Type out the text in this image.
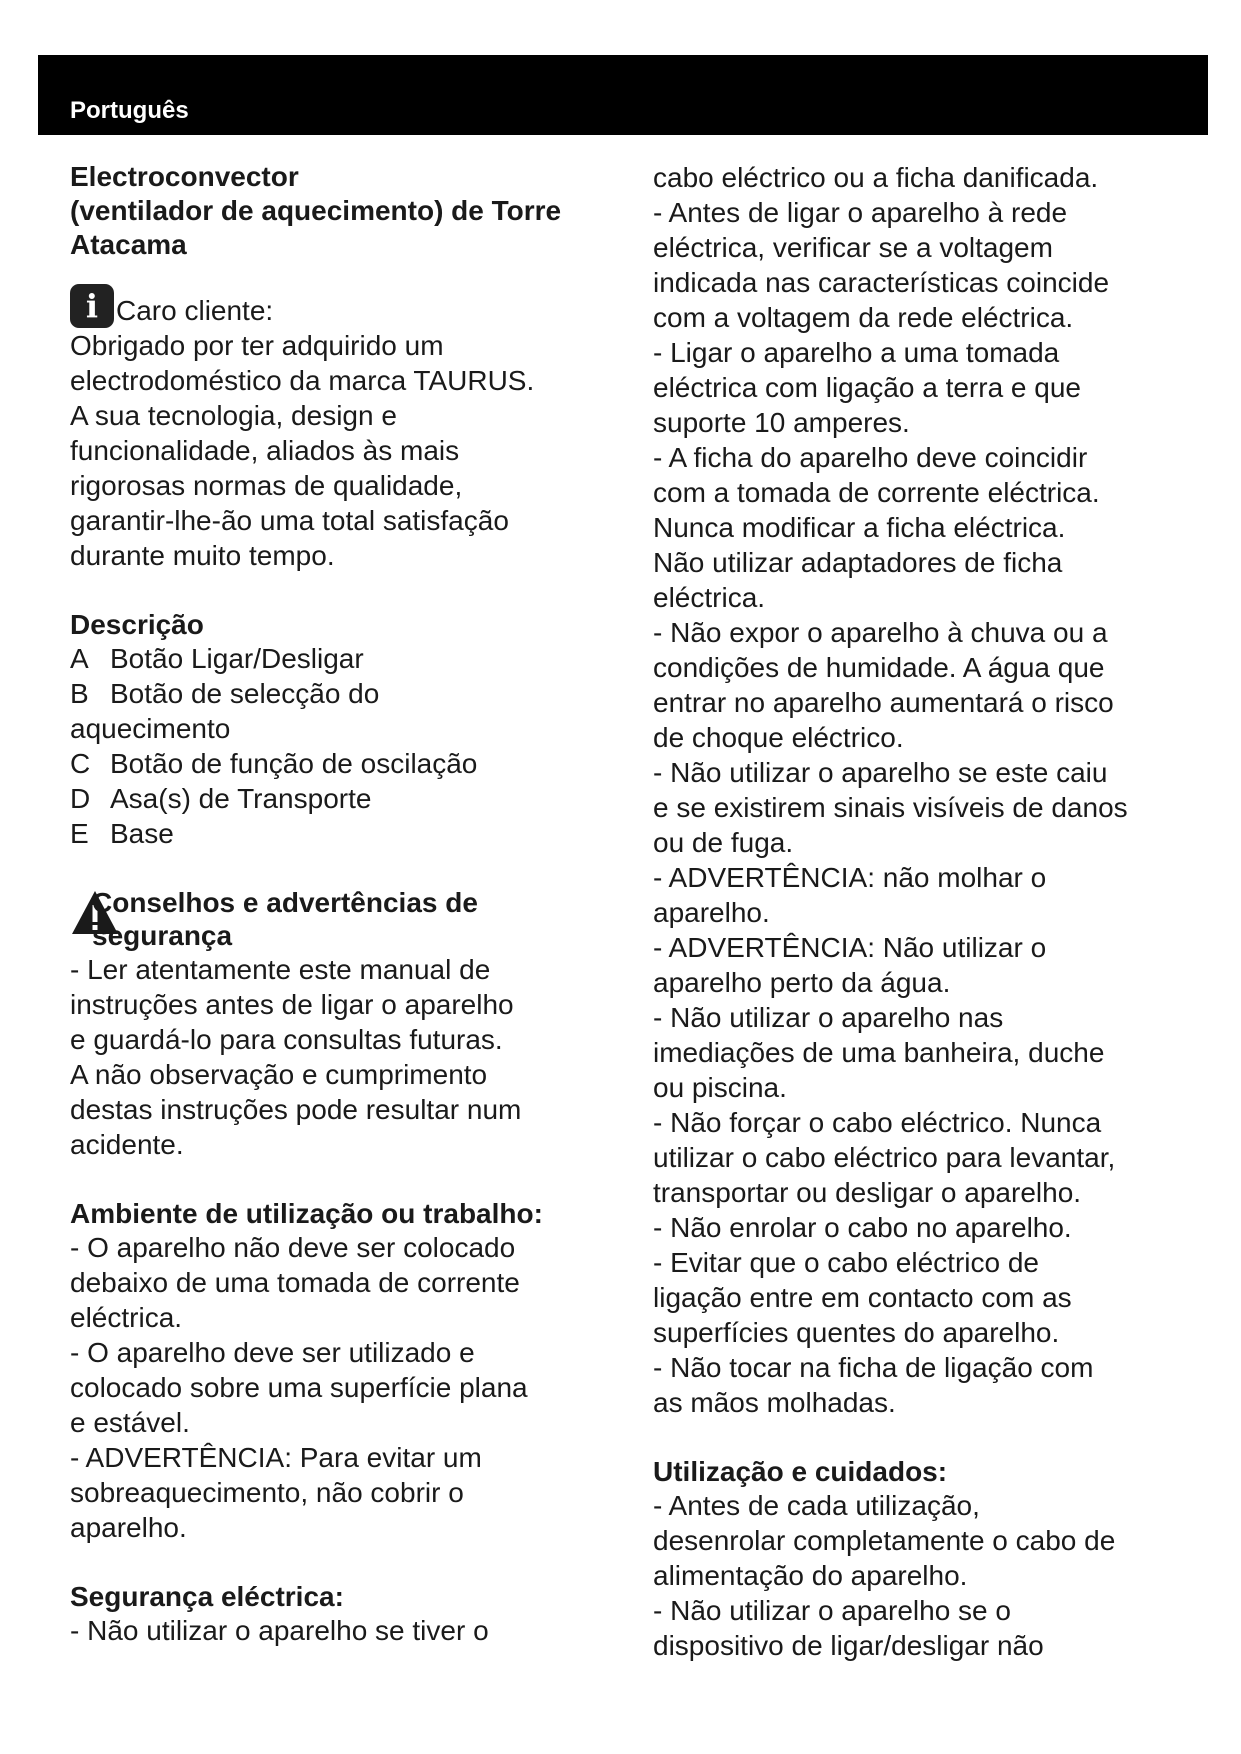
Português

Electroconvector

(ventilador de aquecimento) de Torre

Atacama

i Caro cliente:

Obrigado por ter adquirido um

electrodoméstico da marca TAURUS.

A sua tecnologia, design e

funcionalidade, aliados às mais

rigorosas normas de qualidade,

garantir-lhe-ão uma total satisfação

durante muito tempo.

Descrição

A Botão Ligar/Desligar
B Botão de selecção do
aquecimento
C Botão de função de oscilação
D Asa(s) de Transporte
E Base

Conselhos e advertências de

segurança

- Ler atentamente este manual de

instruções antes de ligar o aparelho

e guardá-lo para consultas futuras.

A não observação e cumprimento

destas instruções pode resultar num

acidente.

Ambiente de utilização ou trabalho:

- O aparelho não deve ser colocado

debaixo de uma tomada de corrente

eléctrica.

- O aparelho deve ser utilizado e

colocado sobre uma superfície plana

e estável.

- ADVERTÊNCIA: Para evitar um

sobreaquecimento, não cobrir o

aparelho.

Segurança eléctrica:

- Não utilizar o aparelho se tiver o

cabo eléctrico ou a ficha danificada.

- Antes de ligar o aparelho à rede

eléctrica, verificar se a voltagem

indicada nas características coincide

com a voltagem da rede eléctrica.

- Ligar o aparelho a uma tomada

eléctrica com ligação a terra e que

suporte 10 amperes.

- A ficha do aparelho deve coincidir

com a tomada de corrente eléctrica.

Nunca modificar a ficha eléctrica.

Não utilizar adaptadores de ficha

eléctrica.

- Não expor o aparelho à chuva ou a

condições de humidade. A água que

entrar no aparelho aumentará o risco

de choque eléctrico.

- Não utilizar o aparelho se este caiu

e se existirem sinais visíveis de danos

ou de fuga.

- ADVERTÊNCIA: não molhar o

aparelho.

- ADVERTÊNCIA: Não utilizar o

aparelho perto da água.

- Não utilizar o aparelho nas

imediações de uma banheira, duche

ou piscina.

- Não forçar o cabo eléctrico. Nunca

utilizar o cabo eléctrico para levantar,

transportar ou desligar o aparelho.

- Não enrolar o cabo no aparelho.

- Evitar que o cabo eléctrico de

ligação entre em contacto com as

superfícies quentes do aparelho.

- Não tocar na ficha de ligação com

as mãos molhadas.

Utilização e cuidados:

- Antes de cada utilização,

desenrolar completamente o cabo de

alimentação do aparelho.

- Não utilizar o aparelho se o

dispositivo de ligar/desligar não
